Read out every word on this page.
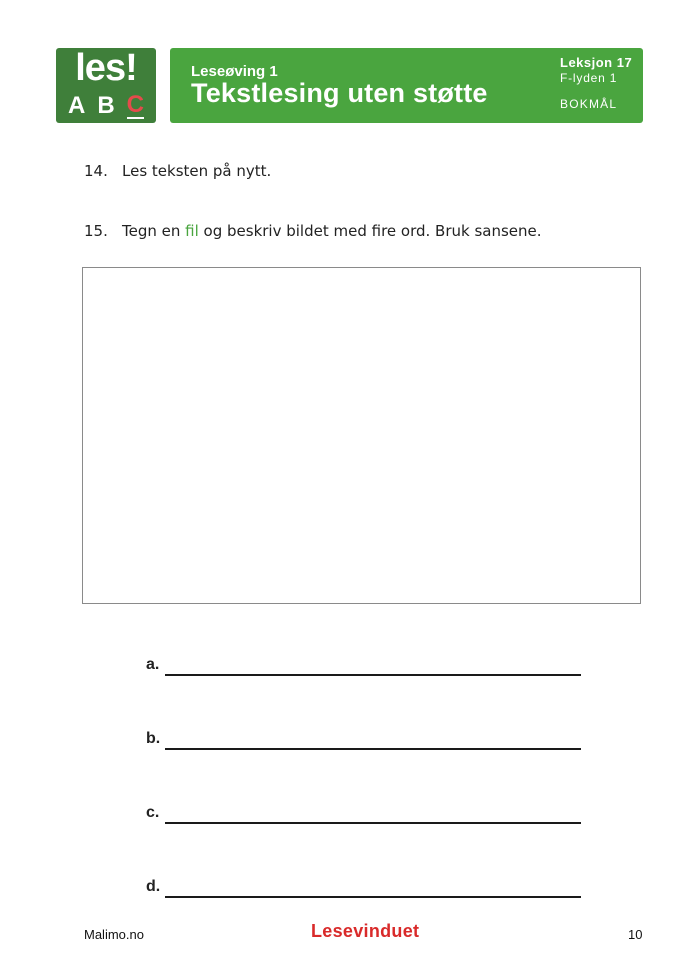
les!
A B C
Leseøving 1
Tekstlesing uten støtte
Leksjon 17
F-lyden 1
BOKMÅL
14. Les teksten på nytt.
15. Tegn en fil og beskriv bildet med fire ord. Bruk sansene.
a.
b.
c.
d.
Malimo.no	Lesevinduet	10
